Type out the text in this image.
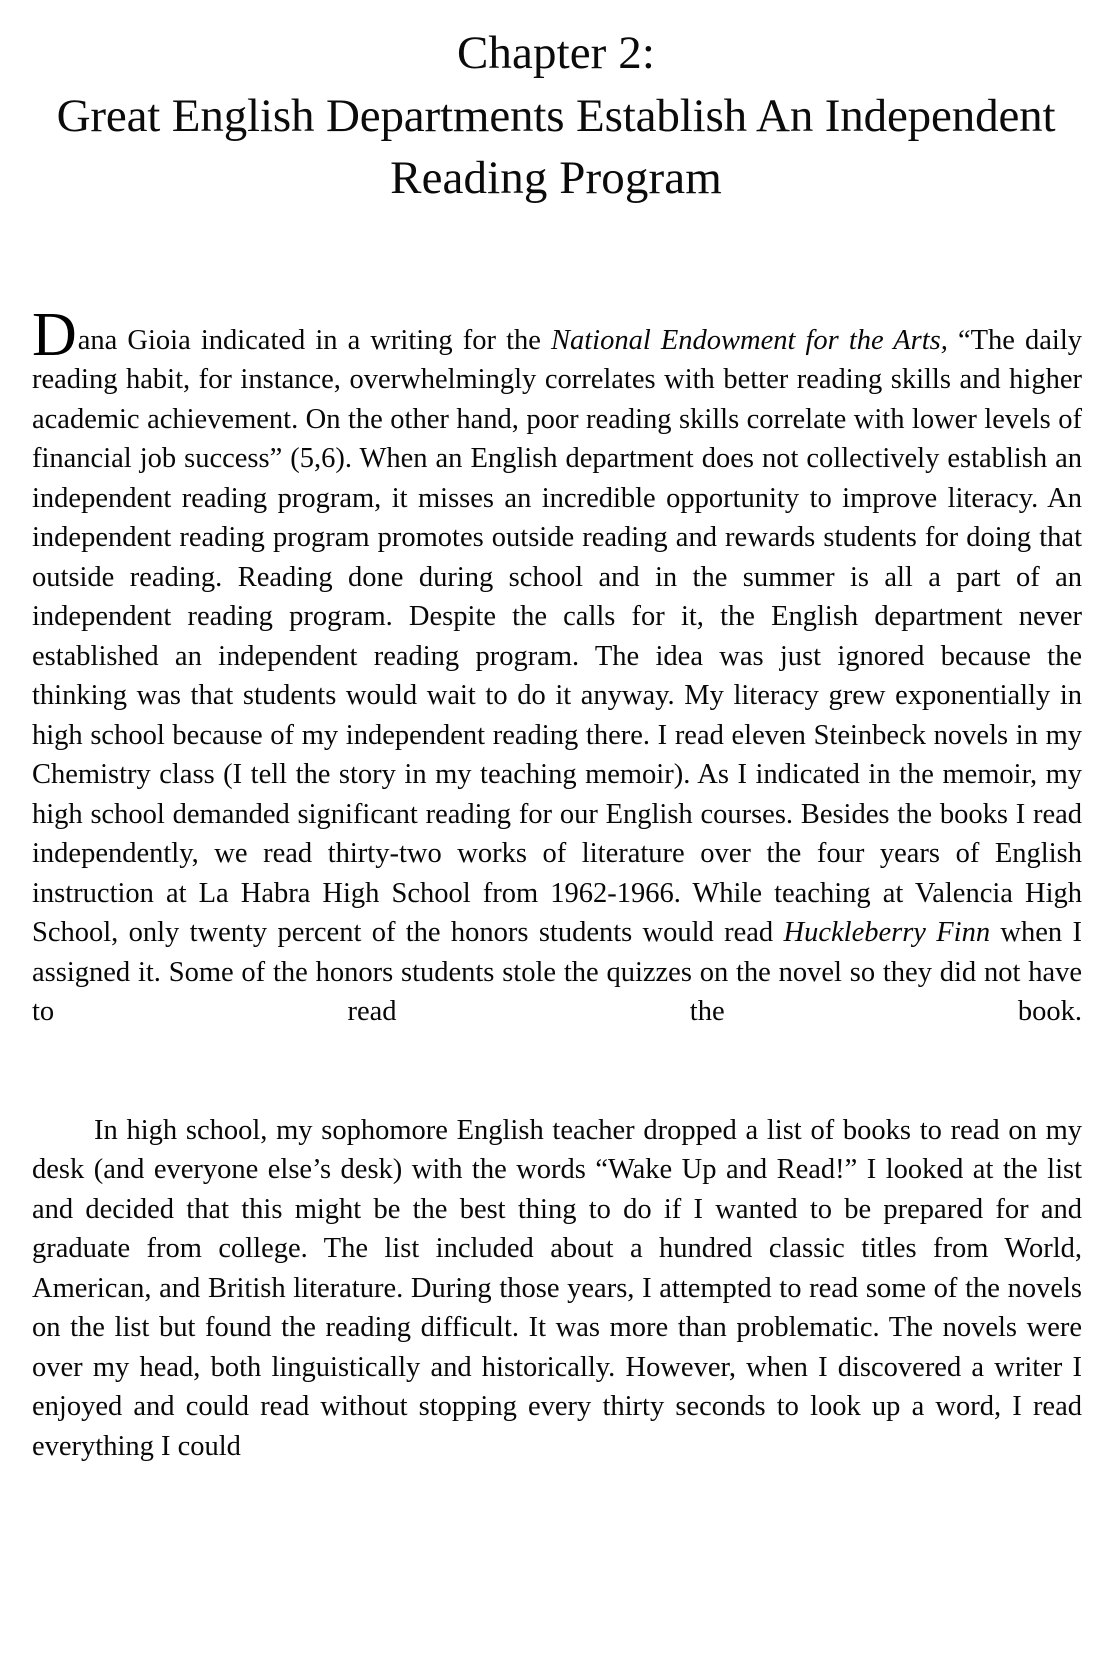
Chapter 2:
Great English Departments Establish An Independent
Reading Program

Dana Gioia indicated in a writing for the National Endowment for the Arts, “The daily reading habit, for instance, overwhelmingly correlates with better reading skills and higher academic achievement. On the other hand, poor reading skills correlate with lower levels of financial job success” (5,6). When an English department does not collectively establish an independent reading program, it misses an incredible opportunity to improve literacy. An independent reading program promotes outside reading and rewards students for doing that outside reading. Reading done during school and in the summer is all a part of an independent reading program. Despite the calls for it, the English department never established an independent reading program. The idea was just ignored because the thinking was that students would wait to do it anyway. My literacy grew exponentially in high school because of my independent reading there. I read eleven Steinbeck novels in my Chemistry class (I tell the story in my teaching memoir). As I indicated in the memoir, my high school demanded significant reading for our English courses. Besides the books I read independently, we read thirty-two works of literature over the four years of English instruction at La Habra High School from 1962-1966. While teaching at Valencia High School, only twenty percent of the honors students would read Huckleberry Finn when I assigned it. Some of the honors students stole the quizzes on the novel so they did not have to read the book.

In high school, my sophomore English teacher dropped a list of books to read on my desk (and everyone else’s desk) with the words “Wake Up and Read!” I looked at the list and decided that this might be the best thing to do if I wanted to be prepared for and graduate from college. The list included about a hundred classic titles from World, American, and British literature. During those years, I attempted to read some of the novels on the list but found the reading difficult. It was more than problematic. The novels were over my head, both linguistically and historically. However, when I discovered a writer I enjoyed and could read without stopping every thirty seconds to look up a word, I read everything I could
